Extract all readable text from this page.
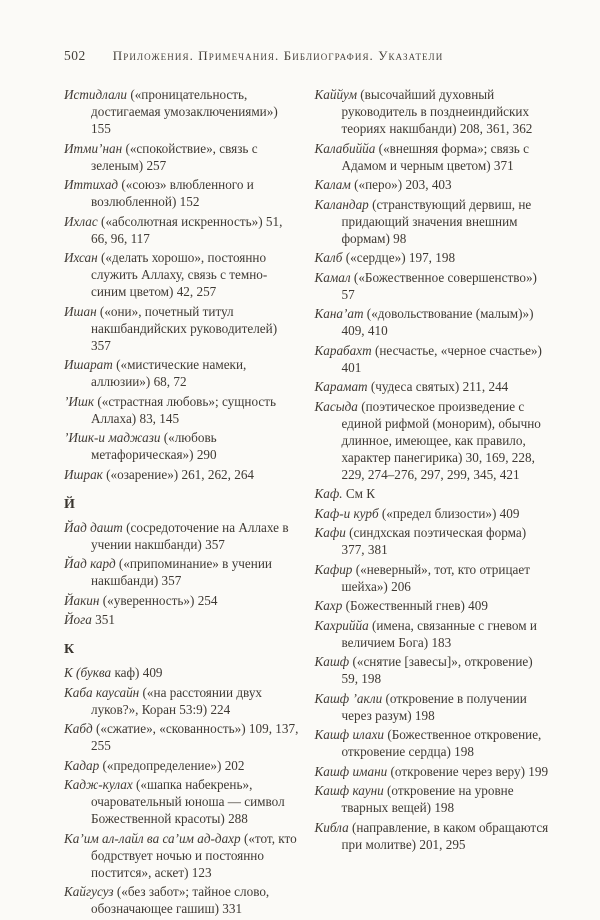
502 Приложения. Примечания. Библиография. Указатели
Истидлали («проницательность, достигаемая умозаключениями») 155
Итми’нан («спокойствие», связь с зеленым) 257
Иттихад («союз» влюбленного и возлюбленной) 152
Ихлас («абсолютная искренность») 51, 66, 96, 117
Ихсан («делать хорошо», постоянно служить Аллаху, связь с темно-синим цветом) 42, 257
Ишан («они», почетный титул накшбандийских руководителей) 357
Ишарат («мистические намеки, аллюзии») 68, 72
’Ишк («страстная любовь»; сущность Аллаха) 83, 145
’Ишк-и маджази («любовь метафорическая») 290
Ишрак («озарение») 261, 262, 264
Й
Йад дашт (сосредоточение на Аллахе в учении накшбанди) 357
Йад кард («припоминание» в учении накшбанди) 357
Йакин («уверенность») 254
Йога 351
К
К (буква каф) 409
Каба каусайн («на расстоянии двух луков?», Коран 53:9) 224
Кабд («сжатие», «скованность») 109, 137, 255
Кадар («предопределение») 202
Кадж-кулах («шапка набекрень», очаровательный юноша — символ Божественной красоты) 288
Ка’им ал-лайл ва са’им ад-дахр («тот, кто бодрствует ночью и постоянно постится», аскет) 123
Кайгусуз («без забот»; тайное слово, обозначающее гашиш) 331
Каййум (высочайший духовный руководитель в позднеиндийских теориях накшбанди) 208, 361, 362
Калабиййа («внешняя форма»; связь с Адамом и черным цветом) 371
Калам («перо») 203, 403
Каландар (странствующий дервиш, не придающий значения внешним формам) 98
Калб («сердце») 197, 198
Камал («Божественное совершенство») 57
Кана’ат («довольствование (малым)») 409, 410
Карабахт (несчастье, «черное счастье») 401
Карамат (чудеса святых) 211, 244
Касыда (поэтическое произведение с единой рифмой (монорим), обычно длинное, имеющее, как правило, характер панегирика) 30, 169, 228, 229, 274–276, 297, 299, 345, 421
Каф. См К
Каф-и курб («предел близости») 409
Кафи (синдхская поэтическая форма) 377, 381
Кафир («неверный», тот, кто отрицает шейха») 206
Кахр (Божественный гнев) 409
Кахриййа (имена, связанные с гневом и величием Бога) 183
Кашф («снятие [завесы]», откровение) 59, 198
Кашф ’акли (откровение в получении через разум) 198
Кашф илахи (Божественное откровение, откровение сердца) 198
Кашф имани (откровение через веру) 199
Кашф кауни (откровение на уровне тварных вещей) 198
Кибла (направление, в каком обращаются при молитве) 201, 295
